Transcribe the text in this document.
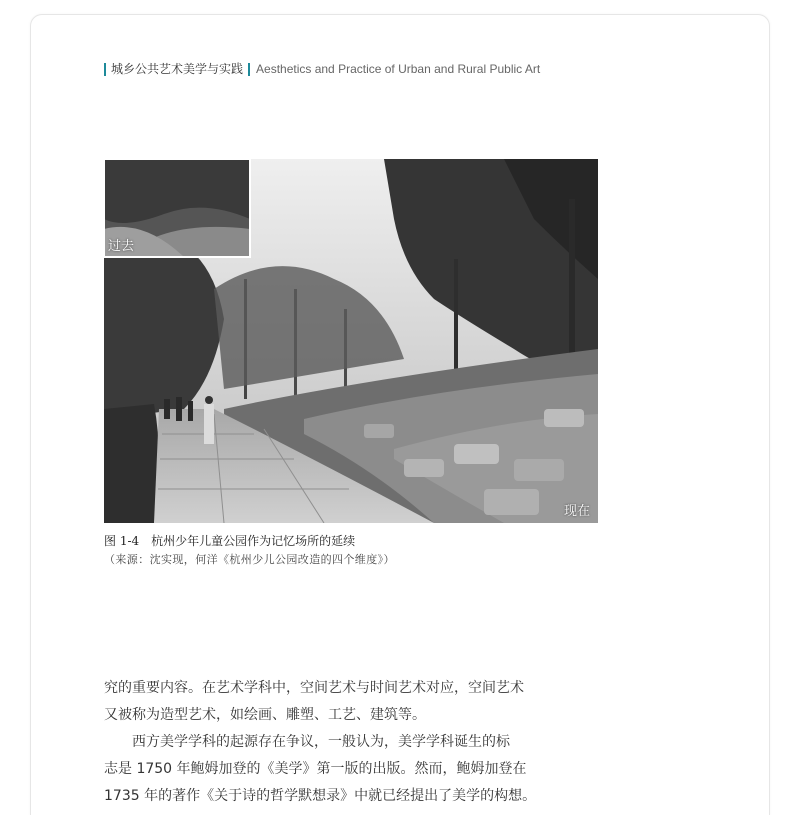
城乡公共艺术美学与实践 Aesthetics and Practice of Urban and Rural Public Art
过去
现在
图 1-4　杭州少年儿童公园作为记忆场所的延续
（来源：沈实现，何洋《杭州少儿公园改造的四个维度》）

究的重要内容。在艺术学科中，空间艺术与时间艺术对应，空间艺术

又被称为造型艺术，如绘画、雕塑、工艺、建筑等。

西方美学学科的起源存在争议，一般认为，美学学科诞生的标

志是 1750 年鲍姆加登的《美学》第一版的出版。然而，鲍姆加登在

1735 年的著作《关于诗的哲学默想录》中就已经提出了美学的构想。
